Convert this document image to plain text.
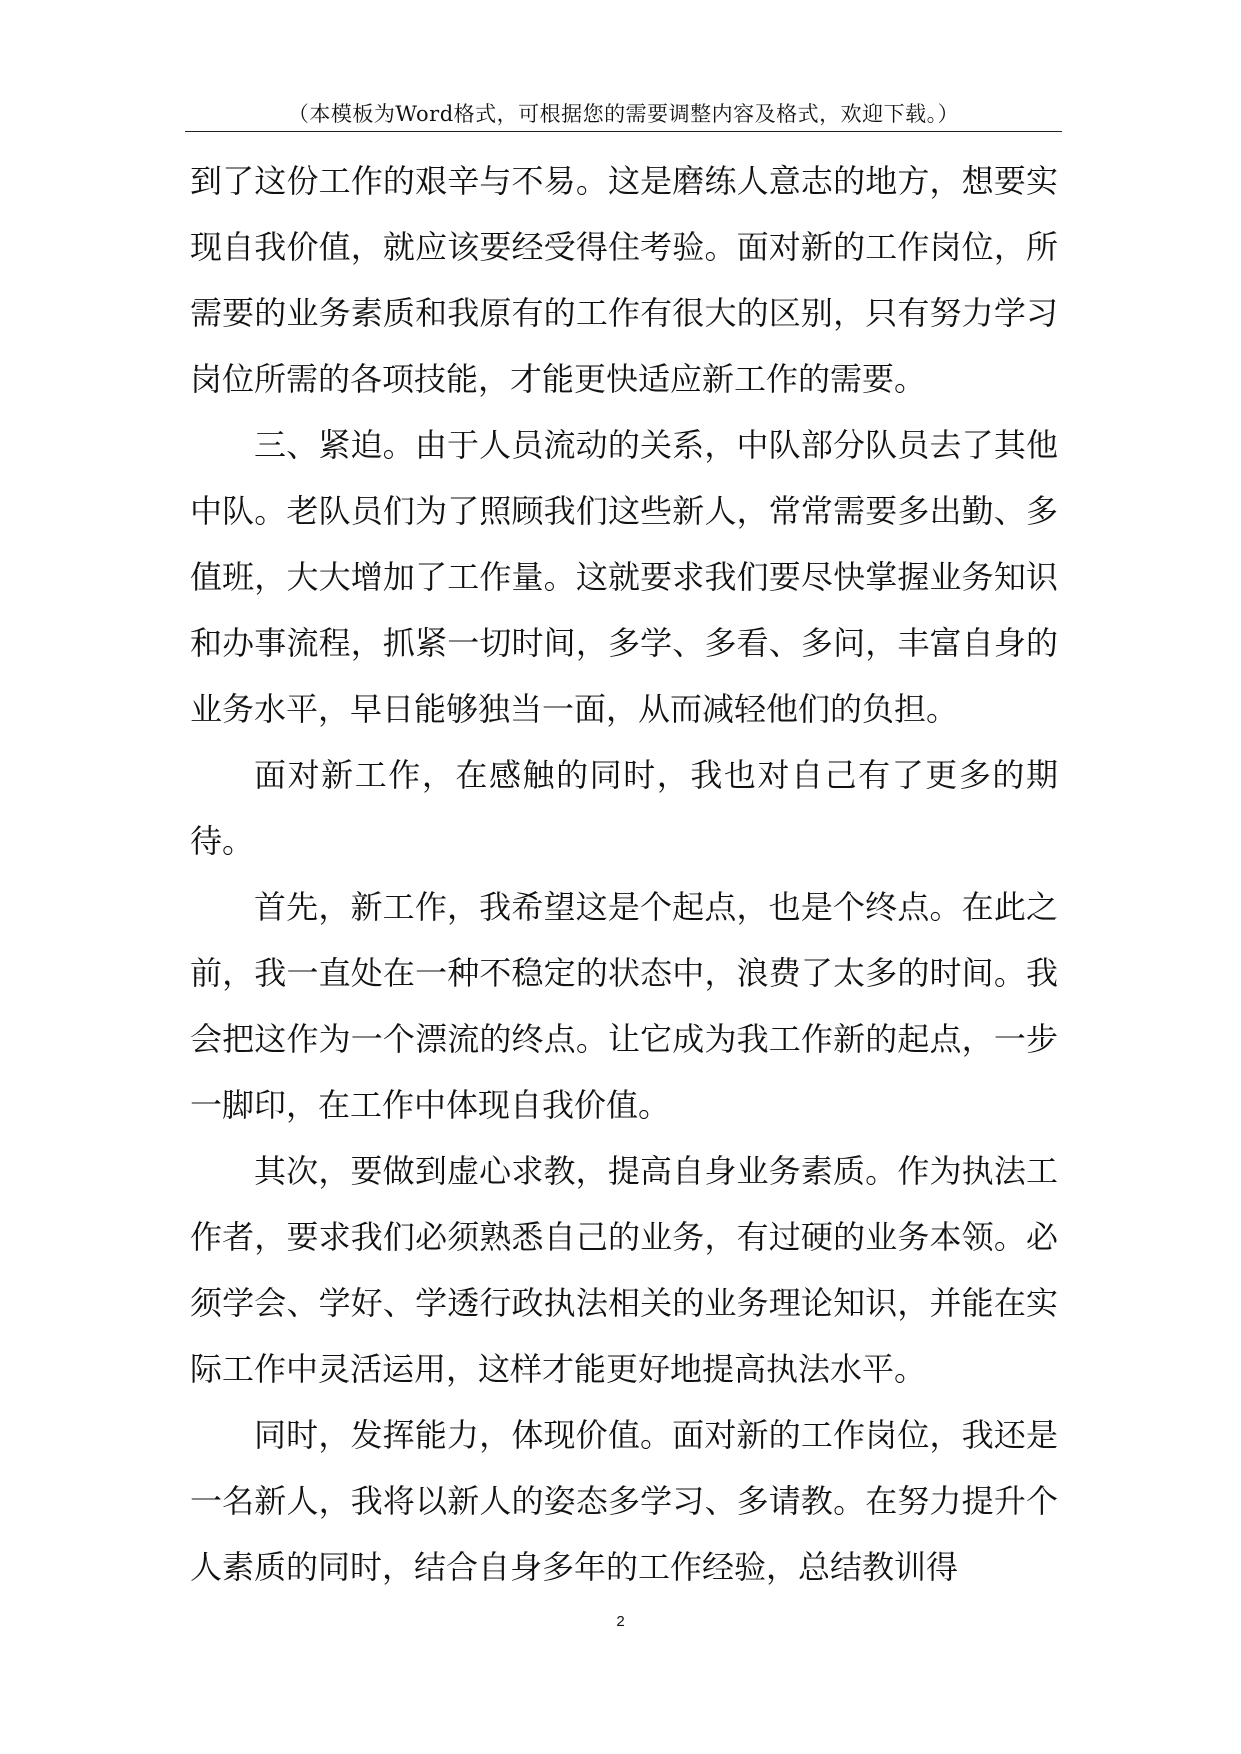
（本模板为Word格式，可根据您的需要调整内容及格式，欢迎下载。）

到了这份工作的艰辛与不易。这是磨练人意志的地方，想要实现自我价值，就应该要经受得住考验。面对新的工作岗位，所需要的业务素质和我原有的工作有很大的区别，只有努力学习岗位所需的各项技能，才能更快适应新工作的需要。

三、紧迫。由于人员流动的关系，中队部分队员去了其他中队。老队员们为了照顾我们这些新人，常常需要多出勤、多值班，大大增加了工作量。这就要求我们要尽快掌握业务知识和办事流程，抓紧一切时间，多学、多看、多问，丰富自身的业务水平，早日能够独当一面，从而减轻他们的负担。

面对新工作，在感触的同时，我也对自己有了更多的期待。

首先，新工作，我希望这是个起点，也是个终点。在此之前，我一直处在一种不稳定的状态中，浪费了太多的时间。我会把这作为一个漂流的终点。让它成为我工作新的起点，一步一脚印，在工作中体现自我价值。

其次，要做到虚心求教，提高自身业务素质。作为执法工作者，要求我们必须熟悉自己的业务，有过硬的业务本领。必须学会、学好、学透行政执法相关的业务理论知识，并能在实际工作中灵活运用，这样才能更好地提高执法水平。

同时，发挥能力，体现价值。面对新的工作岗位，我还是一名新人，我将以新人的姿态多学习、多请教。在努力提升个人素质的同时，结合自身多年的工作经验，总结教训得

2
